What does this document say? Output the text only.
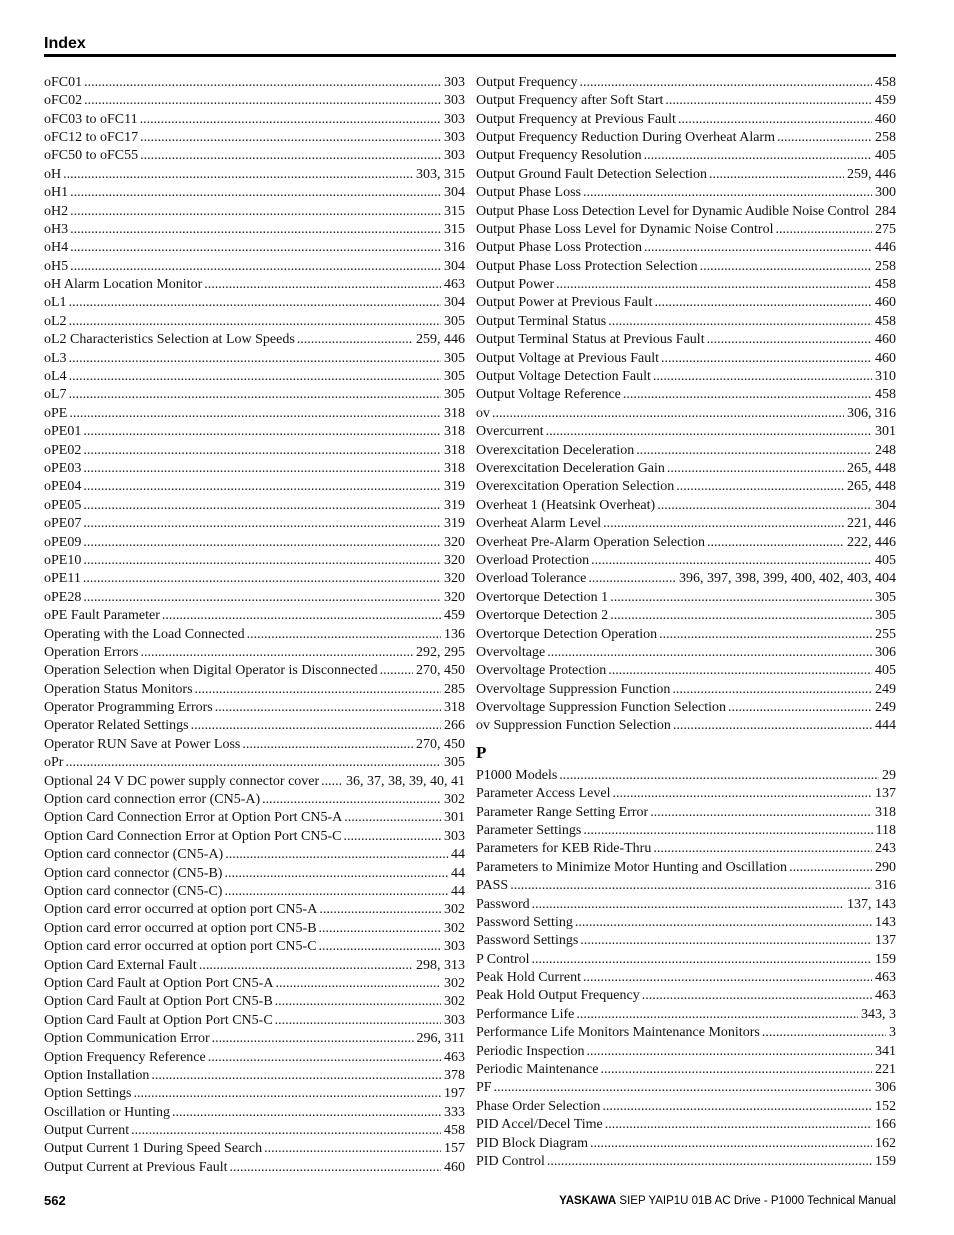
Index
oFC01 .....	303
oFC02 .....	303
oFC03 to oFC11 .....	303
oFC12 to oFC17 .....	303
oFC50 to oFC55 .....	303
oH .....	303, 315
oH1 .....	304
oH2 .....	315
oH3 .....	315
oH4 .....	316
oH5 .....	304
oH Alarm Location Monitor .....	463
oL1 .....	304
oL2 .....	305
oL2 Characteristics Selection at Low Speeds .....	259, 446
oL3 .....	305
oL4 .....	305
oL7 .....	305
oPE .....	318
oPE01 .....	318
oPE02 .....	318
oPE03 .....	318
oPE04 .....	319
oPE05 .....	319
oPE07 .....	319
oPE09 .....	320
oPE10 .....	320
oPE11 .....	320
oPE28 .....	320
oPE Fault Parameter .....	459
Operating with the Load Connected .....	136
Operation Errors .....	292, 295
Operation Selection when Digital Operator is Disconnected .....	270, 450
Operation Status Monitors .....	285
Operator Programming Errors .....	318
Operator Related Settings .....	266
Operator RUN Save at Power Loss .....	270, 450
oPr .....	305
Optional 24 V DC power supply connector cover ..... 36, 37, 38, 39, 40, 41
Option card connection error (CN5-A) .....	302
Option Card Connection Error at Option Port CN5-A .....	301
Option Card Connection Error at Option Port CN5-C .....	303
Option card connector (CN5-A) .....	44
Option card connector (CN5-B) .....	44
Option card connector (CN5-C) .....	44
Option card error occurred at option port CN5-A .....	302
Option card error occurred at option port CN5-B .....	302
Option card error occurred at option port CN5-C .....	303
Option Card External Fault .....	298, 313
Option Card Fault at Option Port CN5-A .....	302
Option Card Fault at Option Port CN5-B .....	302
Option Card Fault at Option Port CN5-C .....	303
Option Communication Error .....	296, 311
Option Frequency Reference .....	463
Option Installation .....	378
Option Settings .....	197
Oscillation or Hunting .....	333
Output Current .....	458
Output Current 1 During Speed Search .....	157
Output Current at Previous Fault .....	460
Output Frequency .....	458
Output Frequency after Soft Start .....	459
Output Frequency at Previous Fault .....	460
Output Frequency Reduction During Overheat Alarm .....	258
Output Frequency Resolution .....	405
Output Ground Fault Detection Selection .....	259, 446
Output Phase Loss .....	300
Output Phase Loss Detection Level for Dynamic Audible Noise Control ..... 284
Output Phase Loss Level for Dynamic Noise Control .....	275
Output Phase Loss Protection .....	446
Output Phase Loss Protection Selection .....	258
Output Power .....	458
Output Power at Previous Fault .....	460
Output Terminal Status .....	458
Output Terminal Status at Previous Fault .....	460
Output Voltage at Previous Fault .....	460
Output Voltage Detection Fault .....	310
Output Voltage Reference .....	458
ov .....	306, 316
Overcurrent .....	301
Overexcitation Deceleration .....	248
Overexcitation Deceleration Gain .....	265, 448
Overexcitation Operation Selection .....	265, 448
Overheat 1 (Heatsink Overheat) .....	304
Overheat Alarm Level .....	221, 446
Overheat Pre-Alarm Operation Selection .....	222, 446
Overload Protection .....	405
Overload Tolerance .....	396, 397, 398, 399, 400, 402, 403, 404
Overtorque Detection 1 .....	305
Overtorque Detection 2 .....	305
Overtorque Detection Operation .....	255
Overvoltage .....	306
Overvoltage Protection .....	405
Overvoltage Suppression Function .....	249
Overvoltage Suppression Function Selection .....	249
ov Suppression Function Selection .....	444
P
P1000 Models .....	29
Parameter Access Level .....	137
Parameter Range Setting Error .....	318
Parameter Settings .....	118
Parameters for KEB Ride-Thru .....	243
Parameters to Minimize Motor Hunting and Oscillation .....	290
PASS .....	316
Password .....	137, 143
Password Setting .....	143
Password Settings .....	137
P Control .....	159
Peak Hold Current .....	463
Peak Hold Output Frequency .....	463
Performance Life .....	343, 3
Performance Life Monitors Maintenance Monitors .....	3
Periodic Inspection .....	341
Periodic Maintenance .....	221
PF .....	306
Phase Order Selection .....	152
PID Accel/Decel Time .....	166
PID Block Diagram .....	162
PID Control .....	159
562	YASKAWA SIEP YAIP1U 01B AC Drive - P1000 Technical Manual
